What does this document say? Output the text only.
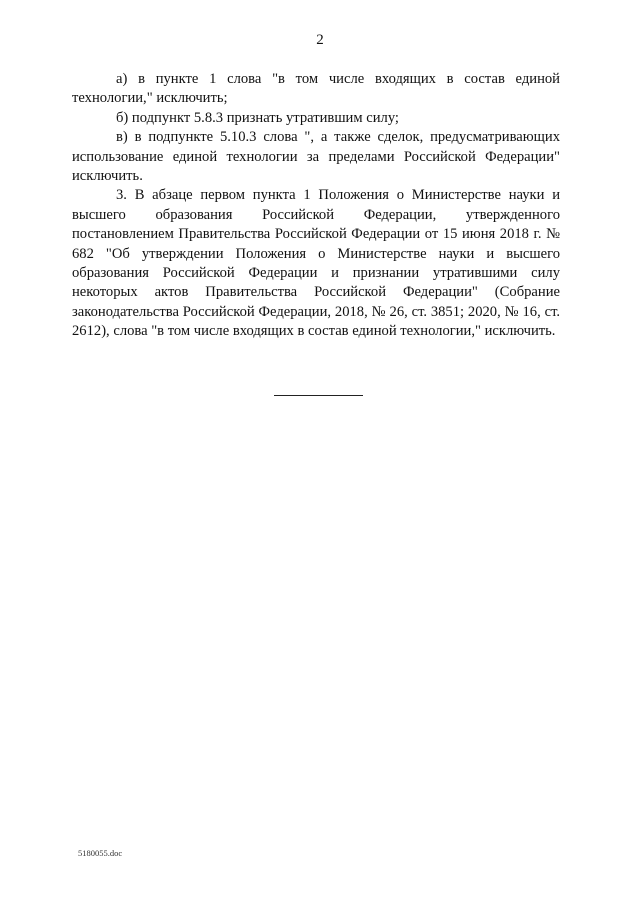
2

а) в пункте 1 слова "в том числе входящих в состав единой технологии," исключить;

б) подпункт 5.8.3 признать утратившим силу;

в) в подпункте 5.10.3 слова ", а также сделок, предусматривающих использование единой технологии за пределами Российской Федерации" исключить.

3. В абзаце первом пункта 1 Положения о Министерстве науки и высшего образования Российской Федерации, утвержденного постановлением Правительства Российской Федерации от 15 июня 2018 г. № 682 "Об утверждении Положения о Министерстве науки и высшего образования Российской Федерации и признании утратившими силу некоторых актов Правительства Российской Федерации" (Собрание законодательства Российской Федерации, 2018, № 26, ст. 3851; 2020, № 16, ст. 2612), слова "в том числе входящих в состав единой технологии," исключить.

5180055.doc
